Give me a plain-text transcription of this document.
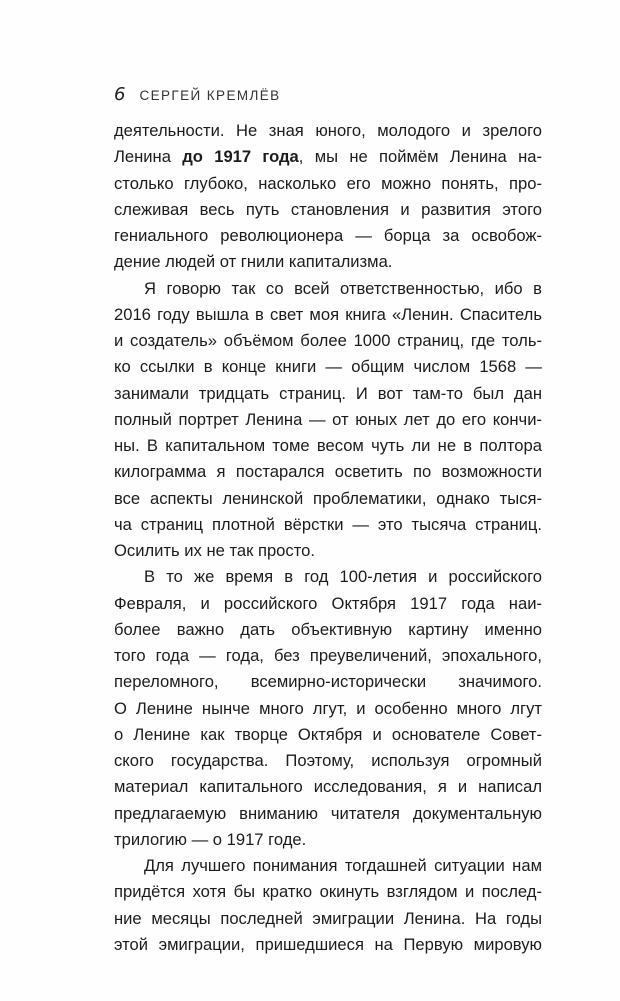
6 СЕРГЕЙ КРЕМЛЁВ
деятельности. Не зная юного, молодого и зрелого
Ленина до 1917 года, мы не поймём Ленина на-
столько глубоко, насколько его можно понять, про-
слеживая весь путь становления и развития этого
гениального революционера — борца за освобож-
дение людей от гнили капитализма.
Я говорю так со всей ответственностью, ибо в
2016 году вышла в свет моя книга «Ленин. Спаситель
и создатель» объёмом более 1000 страниц, где толь-
ко ссылки в конце книги — общим числом 1568 —
занимали тридцать страниц. И вот там-то был дан
полный портрет Ленина — от юных лет до его кончи-
ны. В капитальном томе весом чуть ли не в полтора
килограмма я постарался осветить по возможности
все аспекты ленинской проблематики, однако тыся-
ча страниц плотной вёрстки — это тысяча страниц.
Осилить их не так просто.
В то же время в год 100-летия и российского
Февраля, и российского Октября 1917 года наи-
более важно дать объективную картину именно
того года — года, без преувеличений, эпохального,
переломного, всемирно-исторически значимого.
О Ленине нынче много лгут, и особенно много лгут
о Ленине как творце Октября и основателе Совет-
ского государства. Поэтому, используя огромный
материал капитального исследования, я и написал
предлагаемую вниманию читателя документальную
трилогию — о 1917 годе.
Для лучшего понимания тогдашней ситуации нам
придётся хотя бы кратко окинуть взглядом и послед-
ние месяцы последней эмиграции Ленина. На годы
этой эмиграции, пришедшиеся на Первую мировую
